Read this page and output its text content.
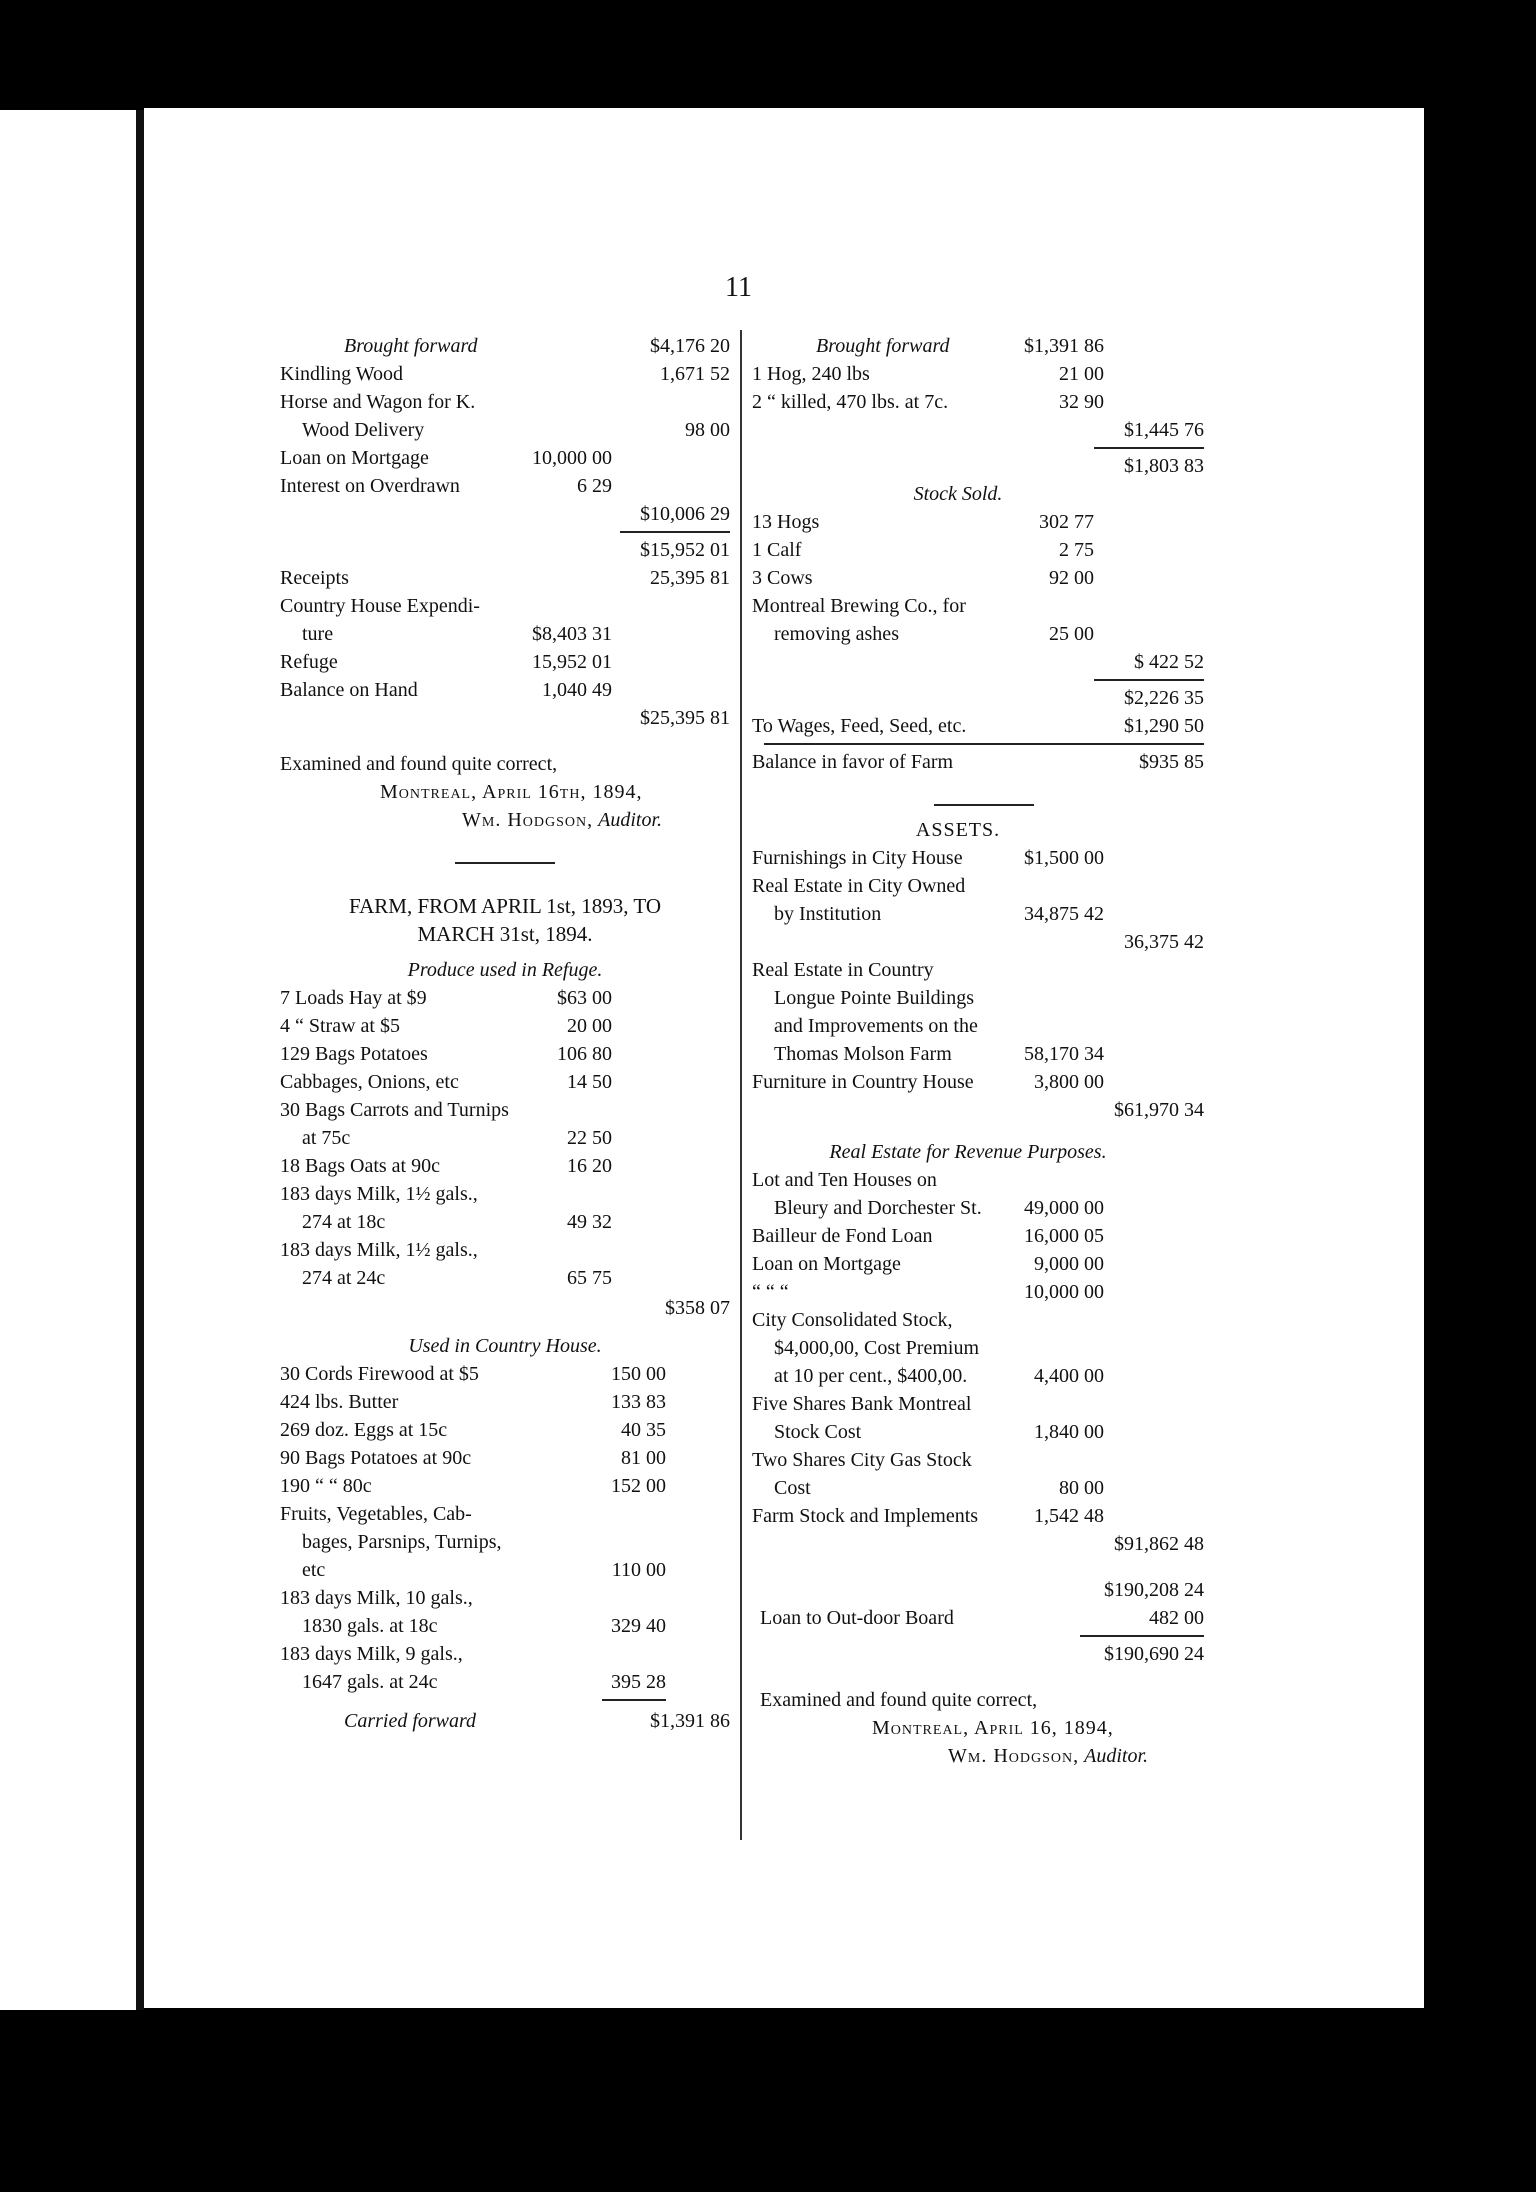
11
Brought forward	$4,176 20
Kindling Wood	1,671 52
Horse and Wagon for K.
Wood Delivery	98 00
Loan on Mortgage	10,000 00
Interest on Overdrawn	6 29
$10,006 29
$15,952 01
Receipts	25,395 81
Country House Expendi-
ture	$8,403 31
Refuge	15,952 01
Balance on Hand	1,040 49
$25,395 81
Examined and found quite correct,
Montreal, April 16th, 1894,
Wm. Hodgson, Auditor.
FARM, FROM APRIL 1st, 1893, TO
MARCH 31st, 1894.
Produce used in Refuge.
7 Loads Hay at $9	$63 00
4 “ Straw at $5	20 00
129 Bags Potatoes	106 80
Cabbages, Onions, etc	14 50
30 Bags Carrots and Turnips
at 75c	22 50
18 Bags Oats at 90c	16 20
183 days Milk, 1½ gals.,
274 at 18c	49 32
183 days Milk, 1½ gals.,
274 at 24c	65 75
$358 07
Used in Country House.
30 Cords Firewood at $5	150 00
424 lbs. Butter	133 83
269 doz. Eggs at 15c	40 35
90 Bags Potatoes at 90c	81 00
190 “ “ 80c	152 00
Fruits, Vegetables, Cab-
bages, Parsnips, Turnips,
etc	110 00
183 days Milk, 10 gals.,
1830 gals. at 18c	329 40
183 days Milk, 9 gals.,
1647 gals. at 24c	395 28
Carried forward	$1,391 86
Brought forward	$1,391 86
1 Hog, 240 lbs	21 00
2 “ killed, 470 lbs. at 7c.	32 90
$1,445 76
$1,803 83
Stock Sold.
13 Hogs	302 77
1 Calf	2 75
3 Cows	92 00
Montreal Brewing Co., for
removing ashes	25 00
$ 422 52
$2,226 35
To Wages, Feed, Seed, etc.	$1,290 50
Balance in favor of Farm	$935 85
ASSETS.
Furnishings in City House	$1,500 00
Real Estate in City Owned
by Institution	34,875 42
36,375 42
Real Estate in Country
Longue Pointe Buildings
and Improvements on the
Thomas Molson Farm	58,170 34
Furniture in Country House	3,800 00
$61,970 34
Real Estate for Revenue Purposes.
Lot and Ten Houses on
Bleury and Dorchester St.	49,000 00
Bailleur de Fond Loan	16,000 05
Loan on Mortgage	9,000 00
“ “ “	10,000 00
City Consolidated Stock,
$4,000,00, Cost Premium
at 10 per cent., $400,00.	4,400 00
Five Shares Bank Montreal
Stock Cost	1,840 00
Two Shares City Gas Stock
Cost	80 00
Farm Stock and Implements	1,542 48
$91,862 48
$190,208 24
Loan to Out-door Board	482 00
$190,690 24
Examined and found quite correct,
Montreal, April 16, 1894,
Wm. Hodgson, Auditor.
